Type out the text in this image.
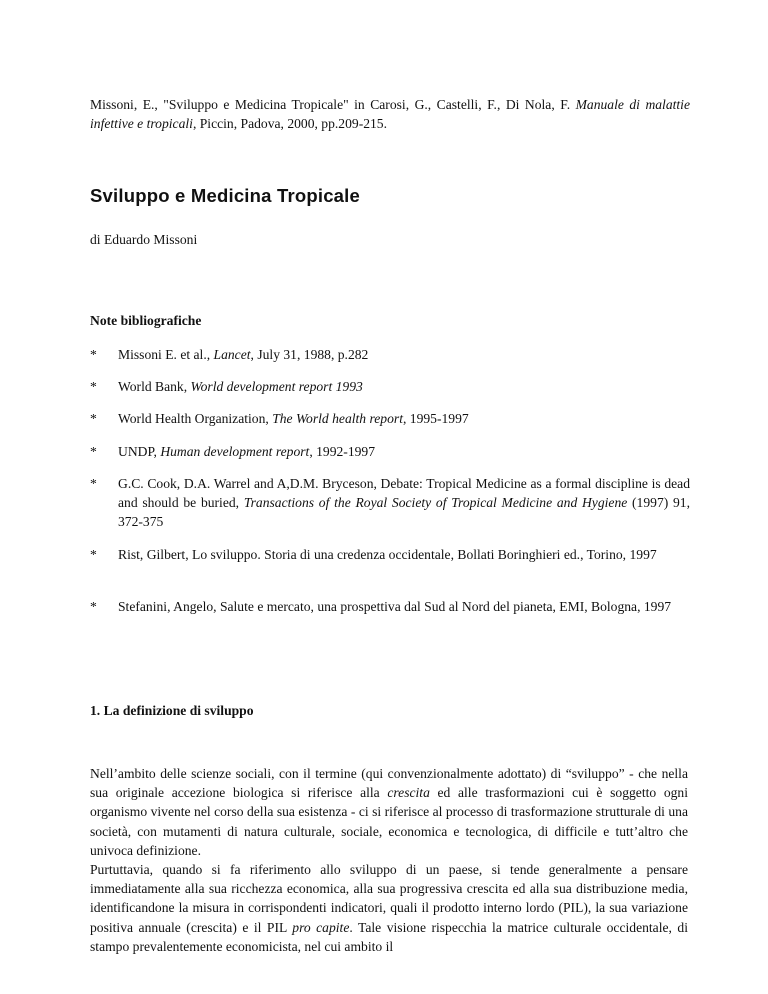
Missoni, E., "Sviluppo e Medicina Tropicale" in Carosi, G., Castelli, F., Di Nola, F. Manuale di malattie infettive e tropicali, Piccin, Padova, 2000, pp.209-215.
Sviluppo e Medicina Tropicale
di Eduardo Missoni
Note bibliografiche
*	Missoni E. et al., Lancet, July 31, 1988, p.282
*	World Bank, World development report 1993
*	World Health Organization, The World health report, 1995-1997
*	UNDP, Human development report, 1992-1997
*	G.C. Cook, D.A. Warrel and A,D.M. Bryceson, Debate: Tropical Medicine as a formal discipline is dead and should be buried, Transactions of the Royal Society of Tropical Medicine and Hygiene (1997) 91, 372-375
*	Rist, Gilbert, Lo sviluppo. Storia di una credenza occidentale, Bollati Boringhieri ed., Torino, 1997
*	Stefanini, Angelo, Salute e mercato, una prospettiva dal Sud al Nord del pianeta, EMI, Bologna, 1997
1. La definizione di sviluppo

Nell’ambito delle scienze sociali, con il termine (qui convenzionalmente adottato) di “sviluppo” - che nella sua originale accezione biologica si riferisce alla crescita ed alle trasformazioni cui è soggetto ogni organismo vivente nel corso della sua esistenza - ci si riferisce al processo di trasformazione strutturale di una società, con mutamenti di natura culturale, sociale, economica e tecnologica, di difficile e tutt’altro che univoca definizione.

Purtuttavia, quando si fa riferimento allo sviluppo di un paese, si tende generalmente a pensare immediatamente alla sua ricchezza economica, alla sua progressiva crescita ed alla sua distribuzione media, identificandone la misura in corrispondenti indicatori, quali il prodotto interno lordo (PIL), la sua variazione positiva annuale (crescita) e il PIL pro capite. Tale visione rispecchia la matrice culturale occidentale, di stampo prevalentemente economicista, nel cui ambito il
